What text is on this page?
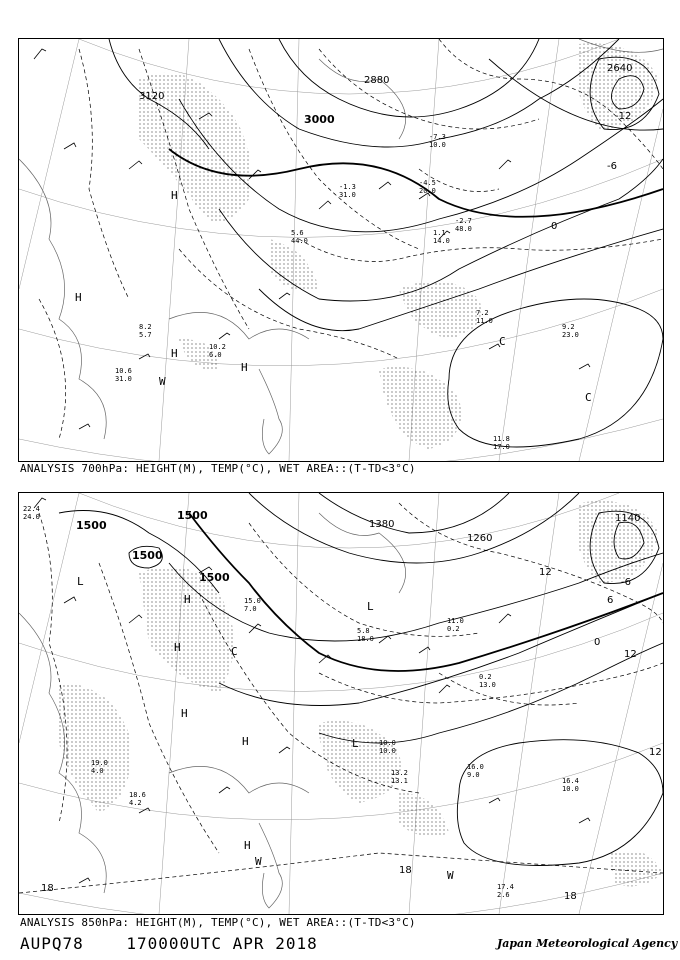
3120
3000
2880
2640
0
-6
-12
H
H
H
H
C
C
W
7.2
11.0
9.2
23.0
11.8
17.0
10.6
31.0
8.2
5.7
10.2
6.0
-7.3
10.0
-1.3
31.0
-4.5
20.0
5.6
44.0
-2.7
48.0
1.1
14.0
ANALYSIS 700hPa: HEIGHT(M), TEMP(°C), WET AREA::(T-TD<3°C)
1500
1500
1500
1500
1380
1260
1140
18
18
18
12
12
12
6
0
-6
H
H
H
H
H
L
L
L
C
W
W
16.0
9.0
16.4
10.0
17.4
2.6
19.0
4.0
18.6
4.2
13.2
13.1
10.0
10.0
0.2
13.0
11.0
0.2
5.8
18.0
15.0
7.0
22.4
24.0
ANALYSIS 850hPa: HEIGHT(M), TEMP(°C), WET AREA::(T-TD<3°C)
AUPQ78	170000UTC APR 2018	Japan Meteorological Agency
